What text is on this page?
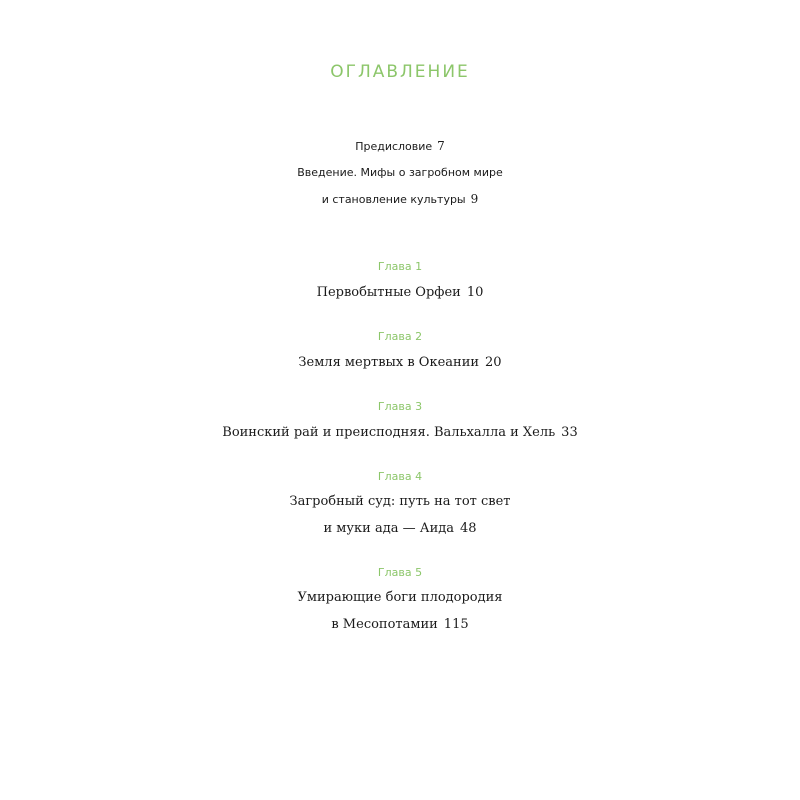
ОГЛАВЛЕНИЕ
Предисловие 7
Введение. Мифы о загробном мире
и становление культуры 9
Глава 1
Первобытные Орфеи 10
Глава 2
Земля мертвых в Океании 20
Глава 3
Воинский рай и преисподняя. Вальхалла и Хель 33
Глава 4
Загробный суд: путь на тот свет
и муки ада — Аида 48
Глава 5
Умирающие боги плодородия
в Месопотамии 115
